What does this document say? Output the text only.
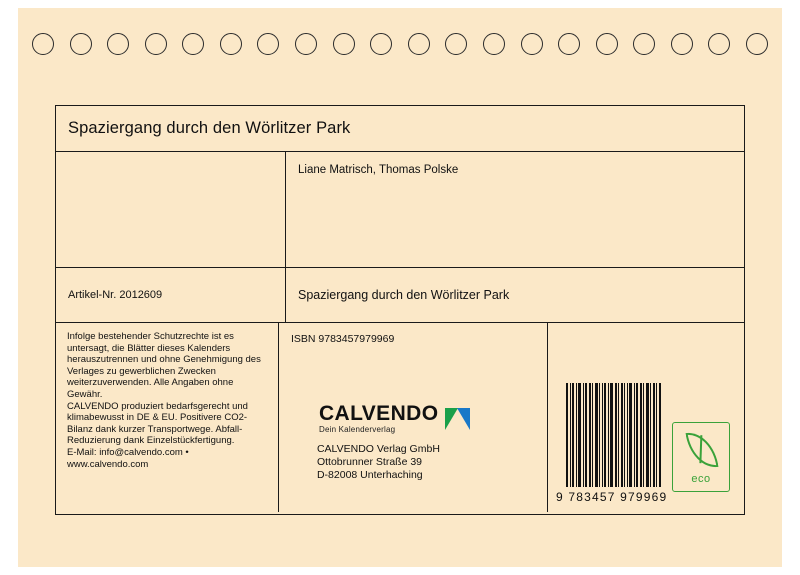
Spaziergang durch den Wörlitzer Park
Liane Matrisch, Thomas Polske
Artikel-Nr. 2012609	Spaziergang durch den Wörlitzer Park

Infolge bestehender Schutzrechte ist es untersagt, die Blätter dieses Kalenders herauszutrennen und ohne Genehmigung des Verlages zu gewerblichen Zwecken weiterzuverwenden. Alle Angaben ohne Gewähr.

CALVENDO produziert bedarfsgerecht und klimabewusst in DE & EU. Positivere CO2-Bilanz dank kurzer Transportwege. Abfall-Reduzierung dank Einzelstückfertigung.

E-Mail: info@calvendo.com •

www.calvendo.com

ISBN 9783457979969
CALVENDO
Dein Kalenderverlag
CALVENDO Verlag GmbH
Ottobrunner Straße 39
D-82008 Unterhaching
9 783457 979969
eco
